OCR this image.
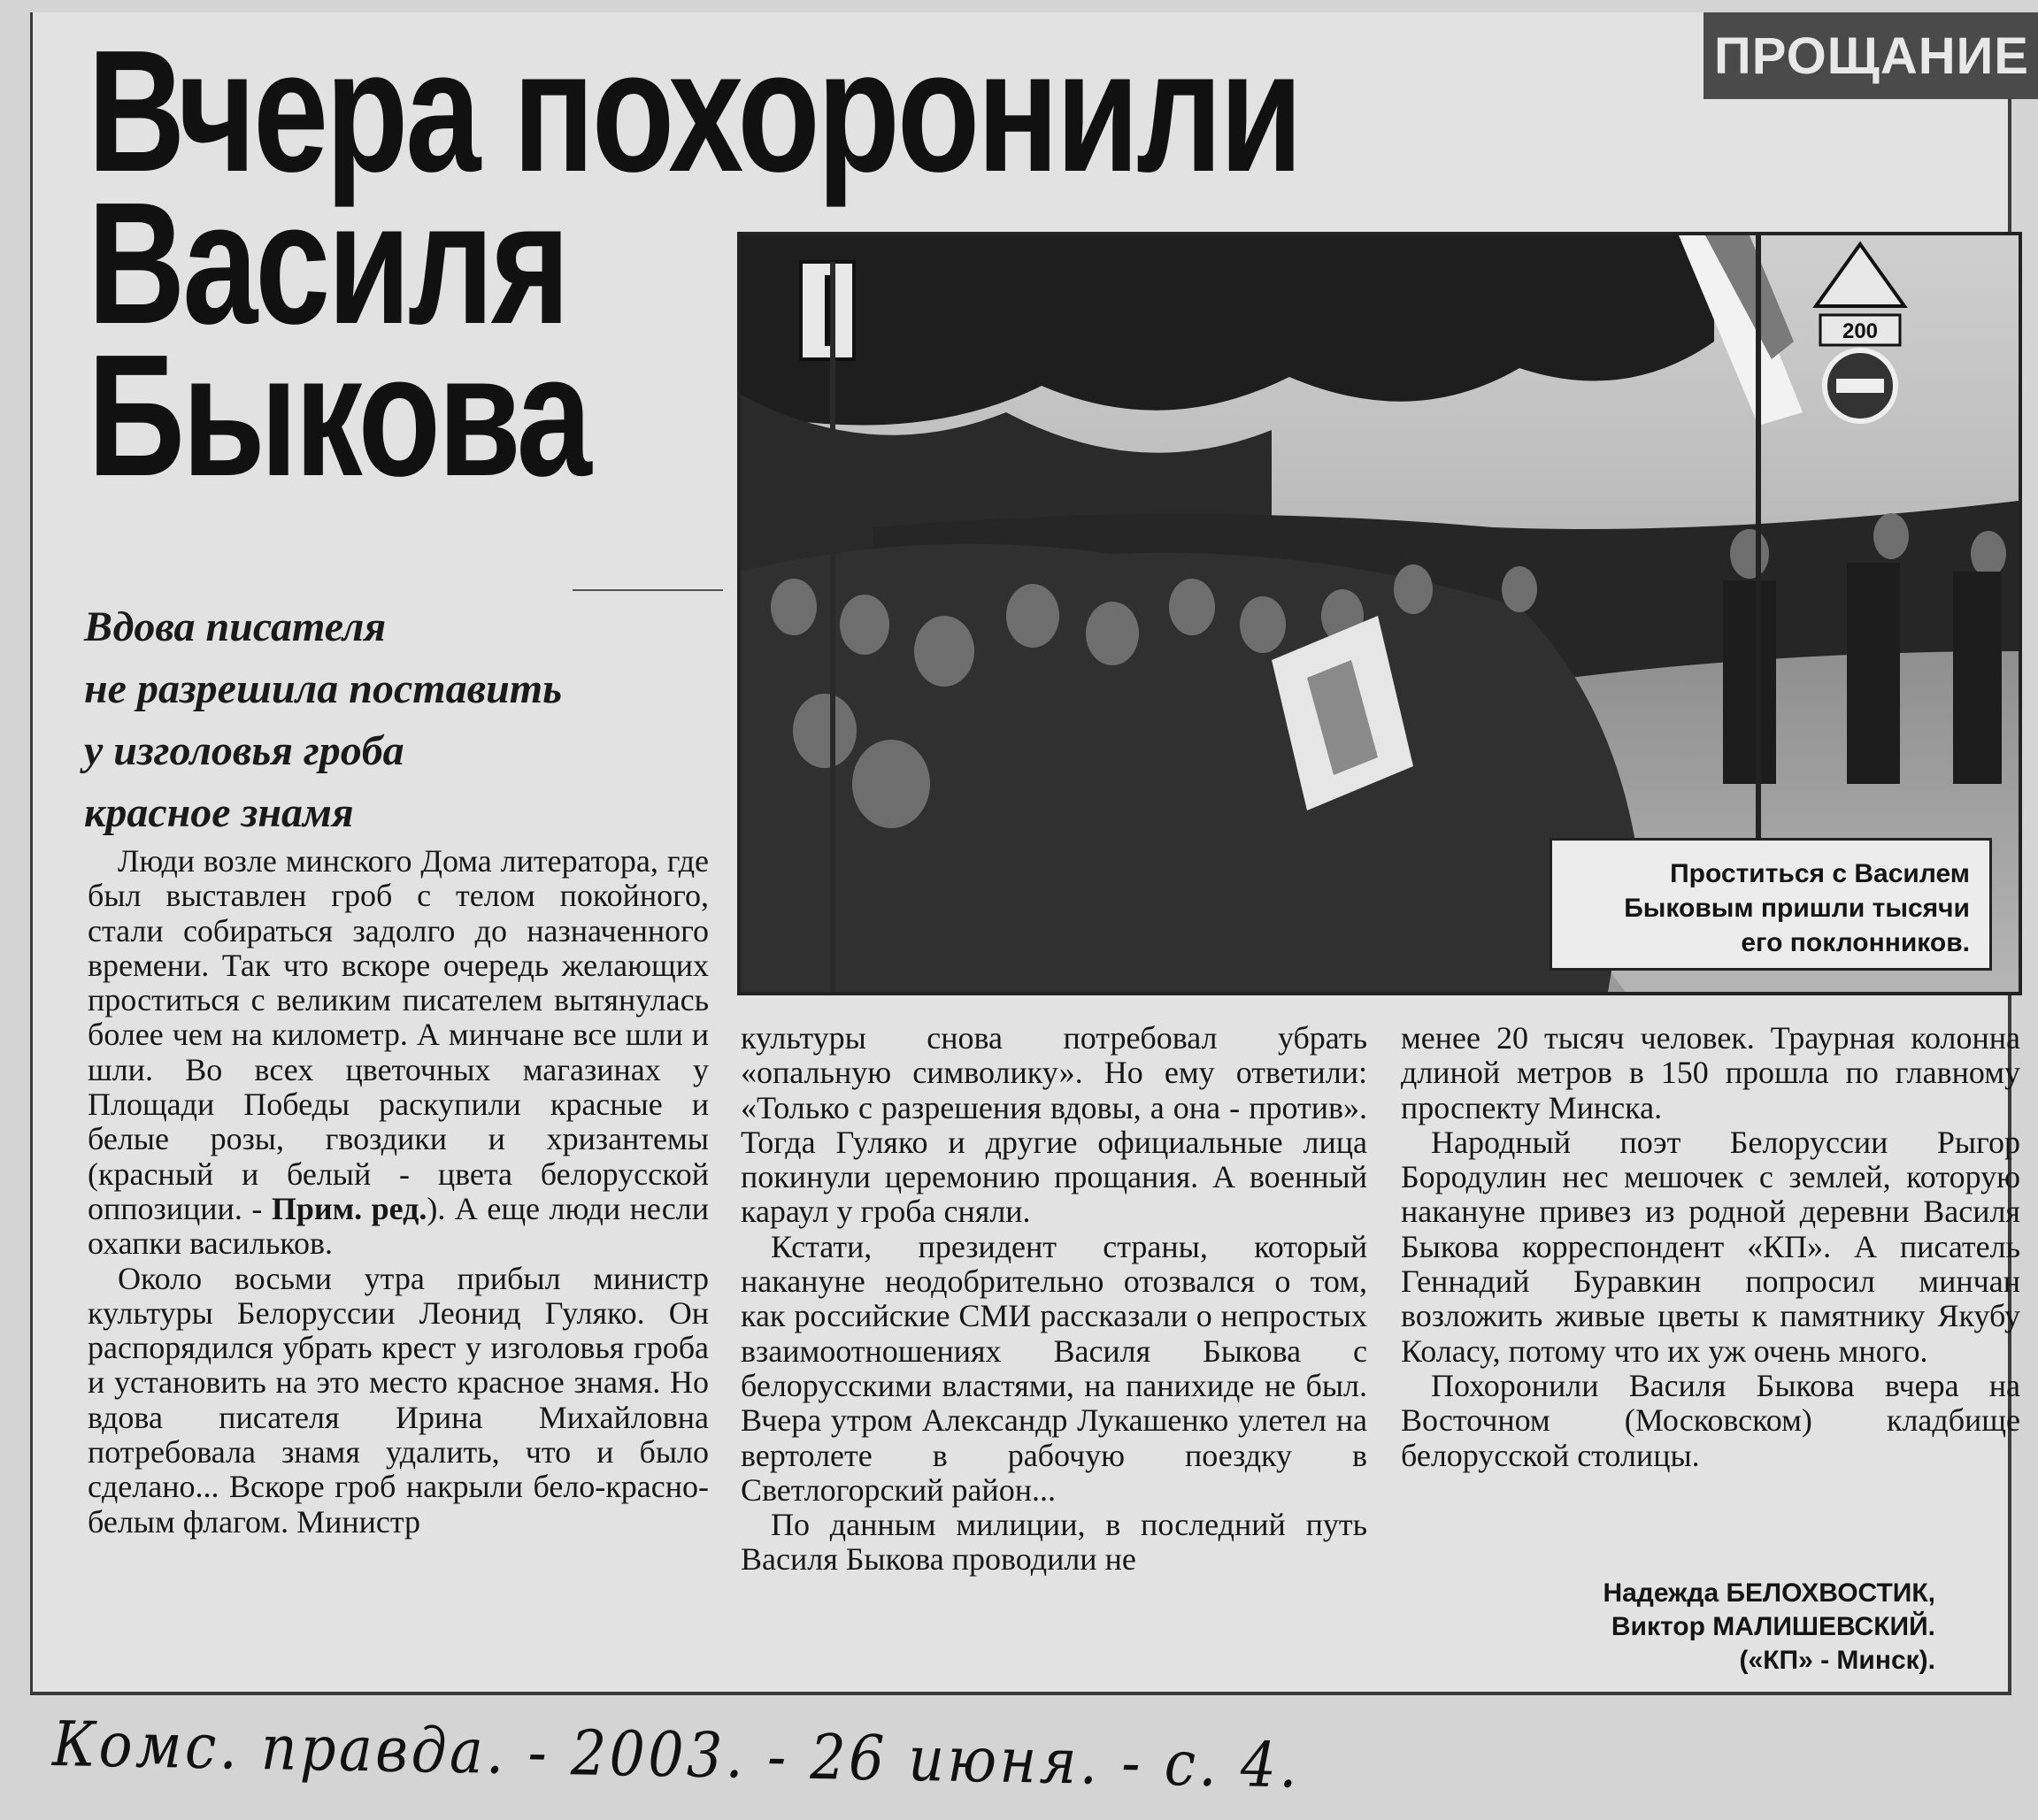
ПРОЩАНИЕ
Вчера похоронили
Василя
Быкова
Вдова писателя
не разрешила поставить
у изголовья гроба
красное знамя
200
Проститься с Василем
Быковым пришли тысячи
его поклонников.

Люди возле минского Дома литератора, где был выставлен гроб с телом покойного, стали собираться задолго до назначенного времени. Так что вскоре очередь желающих проститься с великим писателем вытянулась более чем на километр. А минчане все шли и шли. Во всех цветочных магазинах у Площади Победы раскупили красные и белые розы, гвоздики и хризантемы (красный и белый - цвета белорусской оппозиции. - Прим. ред.). А еще люди несли охапки васильков.

Около восьми утра прибыл министр культуры Белоруссии Леонид Гуляко. Он распорядился убрать крест у изголовья гроба и установить на это место красное знамя. Но вдова писателя Ирина Михайловна потребовала знамя удалить, что и было сделано... Вскоре гроб накрыли бело-красно-белым флагом. Министр

культуры снова потребовал убрать «опальную символику». Но ему ответили: «Только с разрешения вдовы, а она - против». Тогда Гуляко и другие официальные лица покинули церемонию прощания. А военный караул у гроба сняли.

Кстати, президент страны, который накануне неодобрительно отозвался о том, как российские СМИ рассказали о непростых взаимоотношениях Василя Быкова с белорусскими властями, на панихиде не был. Вчера утром Александр Лукашенко улетел на вертолете в рабочую поездку в Светлогорский район...

По данным милиции, в последний путь Василя Быкова проводили не

менее 20 тысяч человек. Траурная колонна длиной метров в 150 прошла по главному проспекту Минска.

Народный поэт Белоруссии Рыгор Бородулин нес мешочек с землей, которую накануне привез из родной деревни Василя Быкова корреспондент «КП». А писатель Геннадий Буравкин попросил минчан возложить живые цветы к памятнику Якубу Коласу, потому что их уж очень много.

Похоронили Василя Быкова вчера на Восточном (Московском) кладбище белорусской столицы.

Надежда БЕЛОХВОСТИК,
Виктор МАЛИШЕВСКИЙ.
(«КП» - Минск).
Комс. правда. - 2003. - 26 июня. - с. 4.
